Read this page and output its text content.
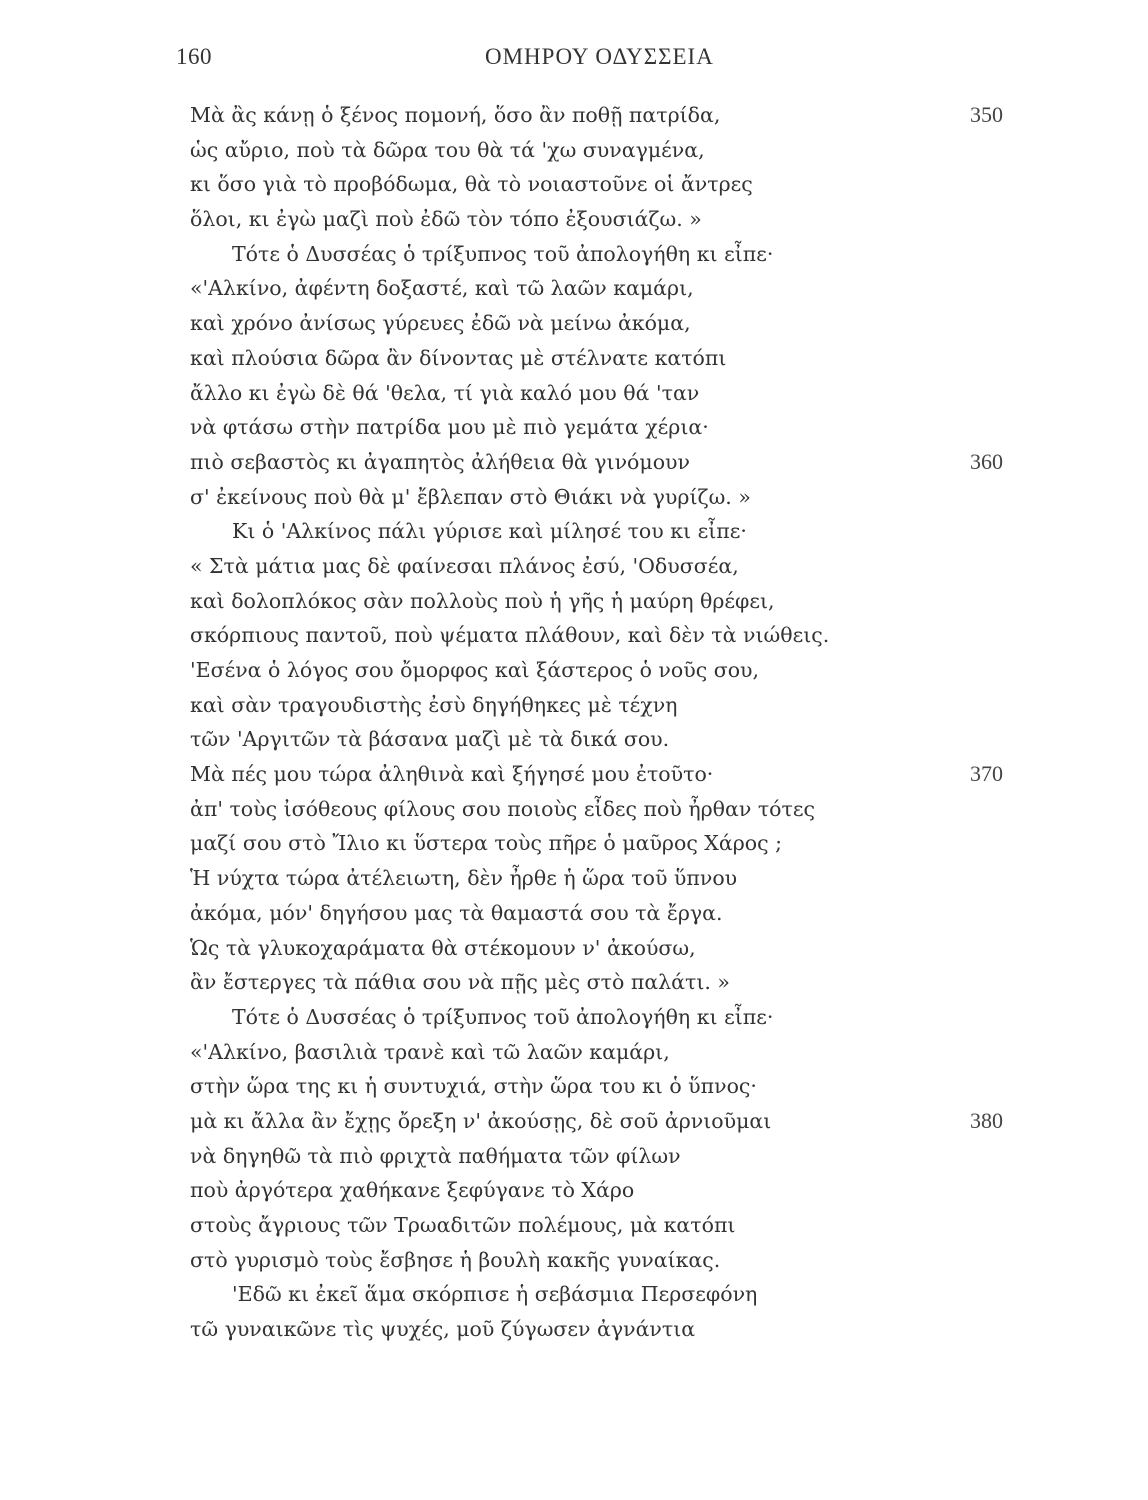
160	ΟΜΗΡΟΥ ΟΔΥΣΣΕΙΑ
Μὰ ἂς κάνῃ ὁ ξένος πομονή, ὅσο ἂν ποθῇ πατρίδα,	350
ὡς αὔριο, ποὺ τὰ δῶρα του θὰ τά 'χω συναγμένα,
κι ὅσο γιὰ τὸ προβόδωμα, θὰ τὸ νοιαστοῦνε οἱ ἄντρες
ὅλοι, κι ἐγὼ μαζὶ ποὺ ἐδῶ τὸν τόπο ἐξουσιάζω. »
Τότε ὁ Δυσσέας ὁ τρίξυπνος τοῦ ἀπολογήθη κι εἶπε·
«'Αλκίνο, ἀφέντη δοξαστέ, καὶ τῶ λαῶν καμάρι,
καὶ χρόνο ἀνίσως γύρευες ἐδῶ νὰ μείνω ἀκόμα,
καὶ πλούσια δῶρα ἂν δίνοντας μὲ στέλνατε κατόπι
ἄλλο κι ἐγὼ δὲ θά 'θελα, τί γιὰ καλό μου θά 'ταν
νὰ φτάσω στὴν πατρίδα μου μὲ πιὸ γεμάτα χέρια·
πιὸ σεβαστὸς κι ἀγαπητὸς ἀλήθεια θὰ γινόμουν	360
σ' ἐκείνους ποὺ θὰ μ' ἔβλεπαν στὸ Θιάκι νὰ γυρίζω. »
Κι ὁ 'Αλκίνος πάλι γύρισε καὶ μίλησέ του κι εἶπε·
« Στὰ μάτια μας δὲ φαίνεσαι πλάνος ἐσύ, 'Οδυσσέα,
καὶ δολοπλόκος σὰν πολλοὺς ποὺ ἡ γῆς ἡ μαύρη θρέφει,
σκόρπιους παντοῦ, ποὺ ψέματα πλάθουν, καὶ δὲν τὰ νιώθεις.
'Εσένα ὁ λόγος σου ὄμορφος καὶ ξάστερος ὁ νοῦς σου,
καὶ σὰν τραγουδιστὴς ἐσὺ δηγήθηκες μὲ τέχνη
τῶν 'Αργιτῶν τὰ βάσανα μαζὶ μὲ τὰ δικά σου.
Μὰ πές μου τώρα ἀληθινὰ καὶ ξήγησέ μου ἐτοῦτο·	370
ἀπ' τοὺς ἰσόθεους φίλους σου ποιοὺς εἶδες ποὺ ἦρθαν τότες
μαζί σου στὸ Ἴλιο κι ὕστερα τοὺς πῆρε ὁ μαῦρος Χάρος ;
Ἡ νύχτα τώρα ἀτέλειωτη, δὲν ἦρθε ἡ ὥρα τοῦ ὕπνου
ἀκόμα, μόν' δηγήσου μας τὰ θαμαστά σου τὰ ἔργα.
Ὡς τὰ γλυκοχαράματα θὰ στέκομουν ν' ἀκούσω,
ἂν ἔστεργες τὰ πάθια σου νὰ πῇς μὲς στὸ παλάτι. »
Τότε ὁ Δυσσέας ὁ τρίξυπνος τοῦ ἀπολογήθη κι εἶπε·
«'Αλκίνο, βασιλιὰ τρανὲ καὶ τῶ λαῶν καμάρι,
στὴν ὥρα της κι ἡ συντυχιά, στὴν ὥρα του κι ὁ ὕπνος·
μὰ κι ἄλλα ἂν ἔχῃς ὄρεξη ν' ἀκούσῃς, δὲ σοῦ ἀρνιοῦμαι	380
νὰ δηγηθῶ τὰ πιὸ φριχτὰ παθήματα τῶν φίλων
ποὺ ἀργότερα χαθήκανε ξεφύγανε τὸ Χάρο
στοὺς ἄγριους τῶν Τρωαδιτῶν πολέμους, μὰ κατόπι
στὸ γυρισμὸ τοὺς ἔσβησε ἡ βουλὴ κακῆς γυναίκας.
'Εδῶ κι ἐκεῖ ἅμα σκόρπισε ἡ σεβάσμια Περσεφόνη
τῶ γυναικῶνε τὶς ψυχές, μοῦ ζύγωσεν ἀγνάντια
